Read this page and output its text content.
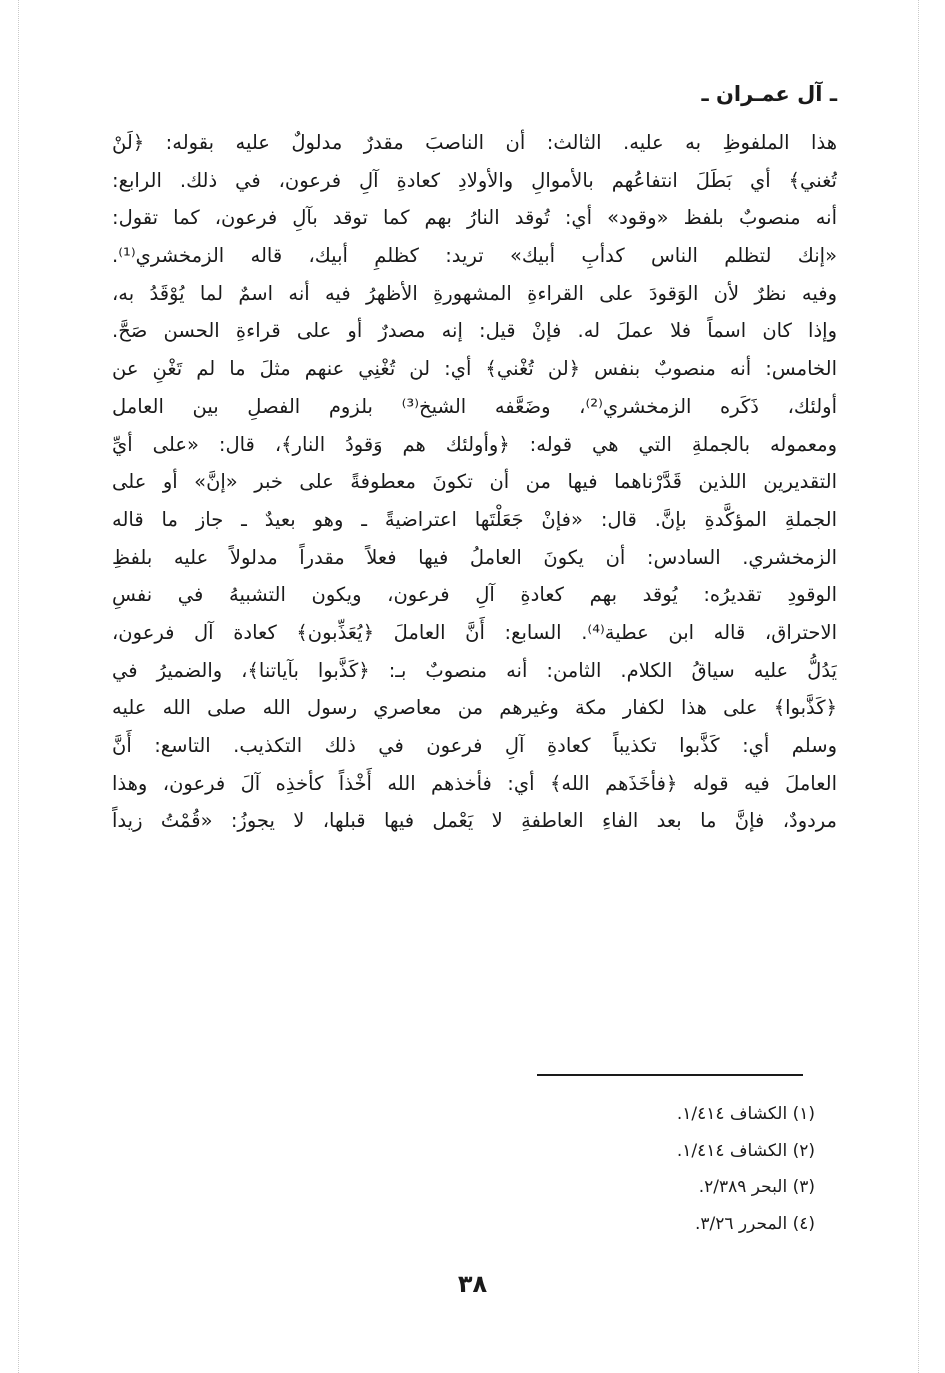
ـ آل عمـران ـ
هذا الملفوظِ به عليه. الثالث: أن الناصبَ مقدرٌ مدلولٌ عليه بقوله: ﴿لَنْ
تُغني﴾ أي بَطَلَ انتفاعُهم بالأموالِ والأولادِ كعادةِ آلِ فرعون، في ذلك. الرابع:
أنه منصوبٌ بلفظ «وقود» أي: تُوقد النارُ بهم كما توقد بآلِ فرعون، كما تقول:
«إنك لتظلم الناس كدأبِ أبيك» تريد: كظلمِ أبيك، قاله الزمخشري⁽¹⁾.
وفيه نظرٌ لأن الوَقودَ على القراءةِ المشهورةِ الأظهرُ فيه أنه اسمٌ لما يُوْقَدُ به،
وإذا كان اسماً فلا عملَ له. فإنْ قيل: إنه مصدرٌ أو على قراءةِ الحسن صَحَّ.
الخامس: أنه منصوبٌ بنفس ﴿لن تُغْني﴾ أي: لن تُغْنِي عنهم مثلَ ما لم تَغْنِ عن
أولئك، ذَكَره الزمخشري⁽²⁾، وضَعَّفه الشيخ⁽³⁾ بلزوم الفصلِ بين العامل
ومعموله بالجملةِ التي هي قوله: ﴿وأولئك هم وَقودُ النار﴾، قال: «على أيِّ
التقديرين اللذين قَدَّرْناهما فيها من أن تكونَ معطوفةً على خبر «إنَّ» أو على
الجملةِ المؤكَّدةِ بإنَّ. قال: «فإنْ جَعَلْتَها اعتراضيةً ـ وهو بعيدٌ ـ جاز ما قاله
الزمخشري. السادس: أن يكونَ العاملُ فيها فعلاً مقدراً مدلولاً عليه بلفظِ
الوقودِ تقديرُه: يُوقد بهم كعادةِ آلِ فرعون، ويكون التشبيهُ في نفسِ
الاحتراق، قاله ابن عطية⁽⁴⁾. السابع: أَنَّ العاملَ ﴿يُعَذِّبون﴾ كعادة آل فرعون،
يَدُلُّ عليه سياقُ الكلام. الثامن: أنه منصوبٌ بـ: ﴿كَذَّبوا بآياتنا﴾، والضميرُ في
﴿كَذَّبوا﴾ على هذا لكفار مكة وغيرهم من معاصري رسول الله صلى الله عليه
وسلم أي: كَذَّبوا تكذيباً كعادةِ آلِ فرعون في ذلك التكذيب. التاسع: أَنَّ
العاملَ فيه قوله ﴿فأخَذَهم الله﴾ أي: فأخذهم الله أَخْذاً كأخذِه آلَ فرعون، وهذا
مردودٌ، فإنَّ ما بعد الفاءِ العاطفةِ لا يَعْمل فيها قبلها، لا يجوزُ: «قُمْتُ زيداً
(١) الكشاف ١/٤١٤.
(٢) الكشاف ١/٤١٤.
(٣) البحر ٢/٣٨٩.
(٤) المحرر ٣/٢٦.
٣٨
